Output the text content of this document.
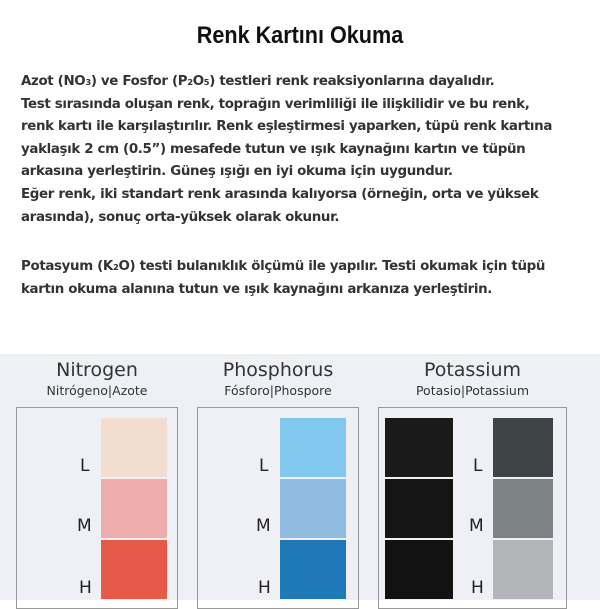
Renk Kartını Okuma
Azot (NO₃) ve Fosfor (P₂O₅) testleri renk reaksiyonlarına dayalıdır.
Test sırasında oluşan renk, toprağın verimliliği ile ilişkilidir ve bu renk,
renk kartı ile karşılaştırılır. Renk eşleştirmesi yaparken, tüpü renk kartına
yaklaşık 2 cm (0.5”) mesafede tutun ve ışık kaynağını kartın ve tüpün
arkasına yerleştirin. Güneş ışığı en iyi okuma için uygundur.
Eğer renk, iki standart renk arasında kalıyorsa (örneğin, orta ve yüksek
arasında), sonuç orta-yüksek olarak okunur.
Potasyum (K₂O) testi bulanıklık ölçümü ile yapılır. Testi okumak için tüpü
kartın okuma alanına tutun ve ışık kaynağını arkanıza yerleştirin.
Nitrogen
Nitrógeno|Azote
L
M
H
Phosphorus
Fósforo|Phospore
L
M
H
Potassium
Potasio|Potassium
L
M
H
